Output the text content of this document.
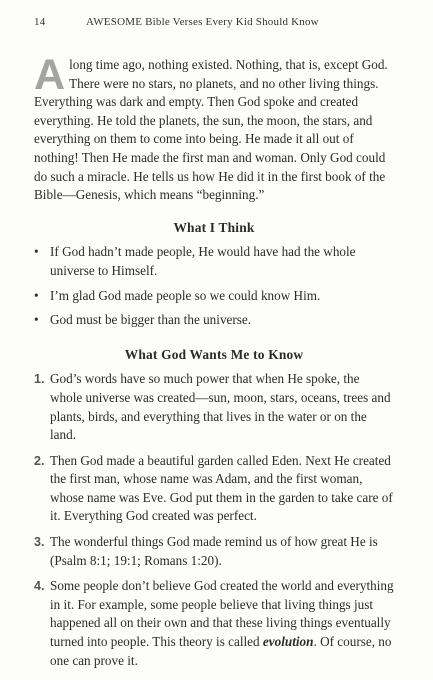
14	AWESOME Bible Verses Every Kid Should Know

A long time ago, nothing existed. Nothing, that is, except God. There were no stars, no planets, and no other living things. Everything was dark and empty. Then God spoke and created everything. He told the planets, the sun, the moon, the stars, and everything on them to come into being. He made it all out of nothing! Then He made the first man and woman. Only God could do such a miracle. He tells us how He did it in the first book of the Bible—Genesis, which means “beginning.”

What I Think
• If God hadn’t made people, He would have had the whole universe to Himself.
• I’m glad God made people so we could know Him.
• God must be bigger than the universe.
What God Wants Me to Know
1. God’s words have so much power that when He spoke, the whole universe was created—sun, moon, stars, oceans, trees and plants, birds, and everything that lives in the water or on the land.
2. Then God made a beautiful garden called Eden. Next He created the first man, whose name was Adam, and the first woman, whose name was Eve. God put them in the garden to take care of it. Everything God created was perfect.
3. The wonderful things God made remind us of how great He is (Psalm 8:1; 19:1; Romans 1:20).
4. Some people don’t believe God created the world and everything in it. For example, some people believe that living things just happened all on their own and that these living things eventually turned into people. This theory is called evolution. Of course, no one can prove it.
